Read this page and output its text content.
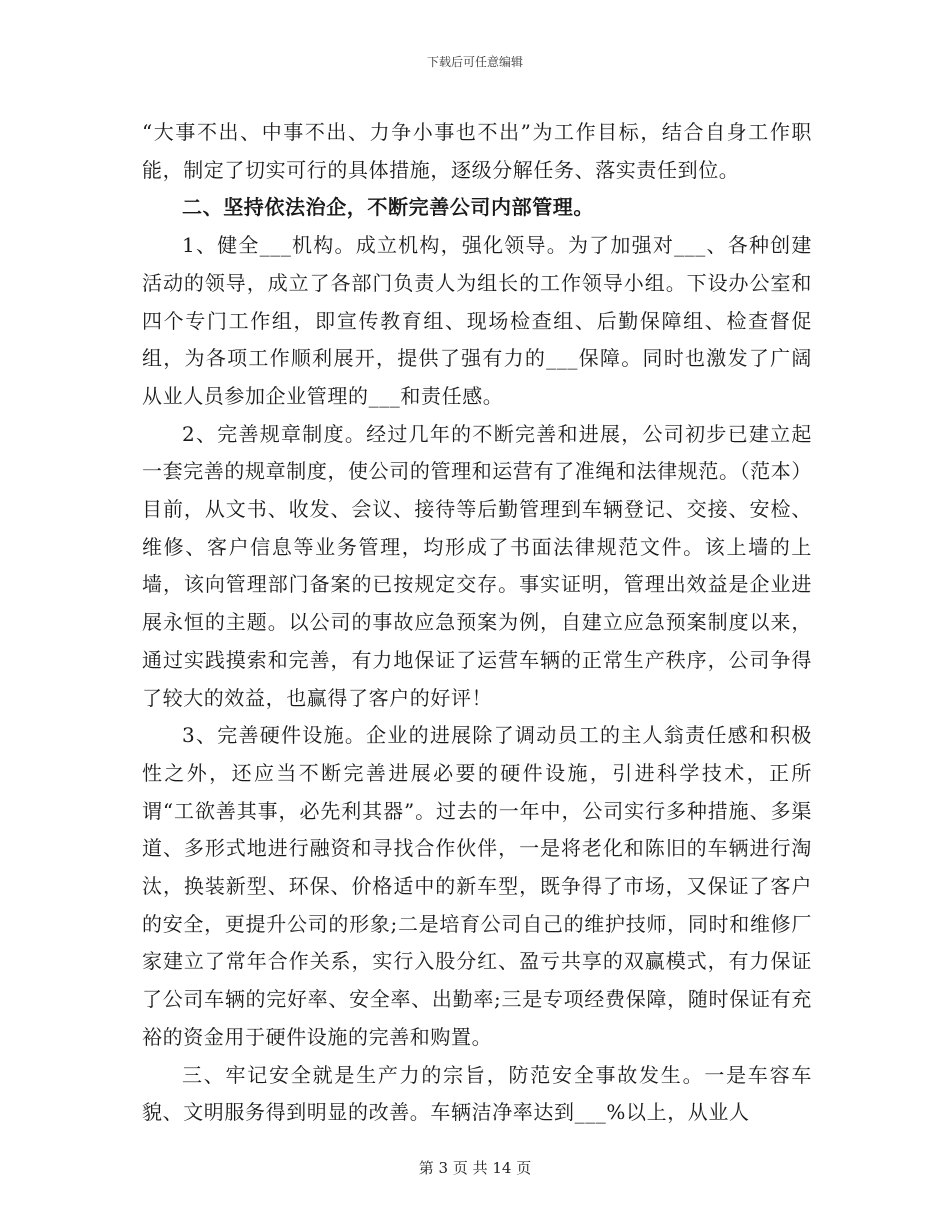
下载后可任意编辑

“大事不出、中事不出、力争小事也不出”为工作目标，结合自身工作职能，制定了切实可行的具体措施，逐级分解任务、落实责任到位。

二、坚持依法治企，不断完善公司内部管理。

1、健全___机构。成立机构，强化领导。为了加强对___、各种创建活动的领导，成立了各部门负责人为组长的工作领导小组。下设办公室和四个专门工作组，即宣传教育组、现场检查组、后勤保障组、检查督促组，为各项工作顺利展开，提供了强有力的___保障。同时也激发了广阔从业人员参加企业管理的___和责任感。

2、完善规章制度。经过几年的不断完善和进展，公司初步已建立起一套完善的规章制度，使公司的管理和运营有了准绳和法律规范。（范本）目前，从文书、收发、会议、接待等后勤管理到车辆登记、交接、安检、维修、客户信息等业务管理，均形成了书面法律规范文件。该上墙的上墙，该向管理部门备案的已按规定交存。事实证明，管理出效益是企业进展永恒的主题。以公司的事故应急预案为例，自建立应急预案制度以来，通过实践摸索和完善，有力地保证了运营车辆的正常生产秩序，公司争得了较大的效益，也赢得了客户的好评！

3、完善硬件设施。企业的进展除了调动员工的主人翁责任感和积极性之外，还应当不断完善进展必要的硬件设施，引进科学技术，正所谓“工欲善其事，必先利其器”。过去的一年中，公司实行多种措施、多渠道、多形式地进行融资和寻找合作伙伴，一是将老化和陈旧的车辆进行淘汰，换装新型、环保、价格适中的新车型，既争得了市场，又保证了客户的安全，更提升公司的形象;二是培育公司自己的维护技师，同时和维修厂家建立了常年合作关系，实行入股分红、盈亏共享的双赢模式，有力保证了公司车辆的完好率、安全率、出勤率;三是专项经费保障，随时保证有充裕的资金用于硬件设施的完善和购置。

三、牢记安全就是生产力的宗旨，防范安全事故发生。一是车容车貌、文明服务得到明显的改善。车辆洁净率达到___%以上，从业人

第 3 页 共 14 页
